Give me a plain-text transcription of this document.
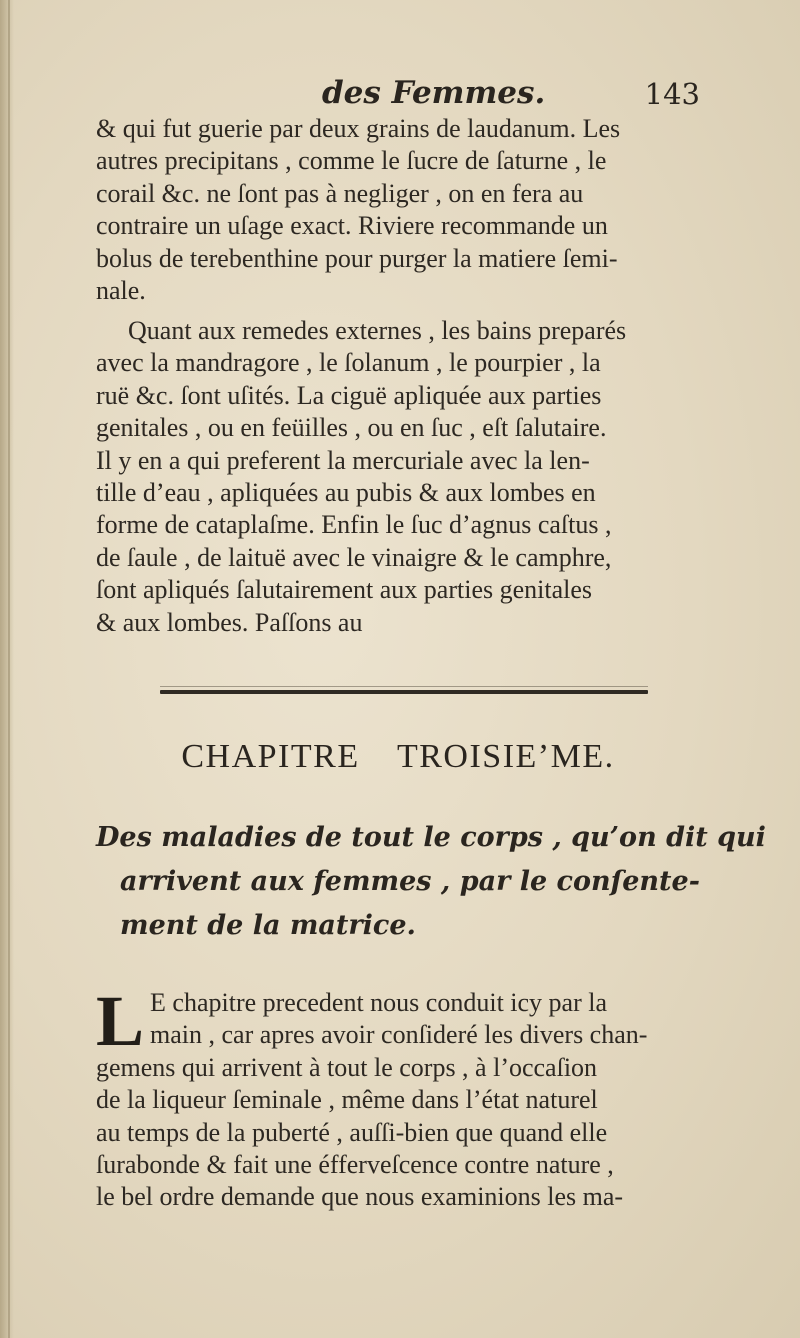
des Femmes.	143
& qui fut guerie par deux grains de laudanum. Les
autres precipitans , comme le ſucre de ſaturne , le
corail &c. ne ſont pas à negliger , on en fera au
contraire un uſage exact. Riviere recommande un
bolus de terebenthine pour purger la matiere ſemi-
nale.
Quant aux remedes externes , les bains preparés
avec la mandragore , le ſolanum , le pourpier , la
ruë &c. ſont uſités. La ciguë apliquée aux parties
genitales , ou en feüilles , ou en ſuc , eſt ſalutaire.
Il y en a qui preferent la mercuriale avec la len-
tille d’eau , apliquées au pubis & aux lombes en
forme de cataplaſme. Enfin le ſuc d’agnus caſtus ,
de ſaule , de laituë avec le vinaigre & le camphre,
ſont apliqués ſalutairement aux parties genitales
& aux lombes. Paſſons au
CHAPITRE TROISIE’ME.
Des maladies de tout le corps , qu’on dit qui
arrivent aux femmes , par le conſente-
ment de la matrice.
L E chapitre precedent nous conduit icy par la
main , car apres avoir conſideré les divers chan-
gemens qui arrivent à tout le corps , à l’occaſion
de la liqueur ſeminale , même dans l’état naturel
au temps de la puberté , auſſi-bien que quand elle
ſurabonde & fait une éfferveſcence contre nature ,
le bel ordre demande que nous examinions les ma-
